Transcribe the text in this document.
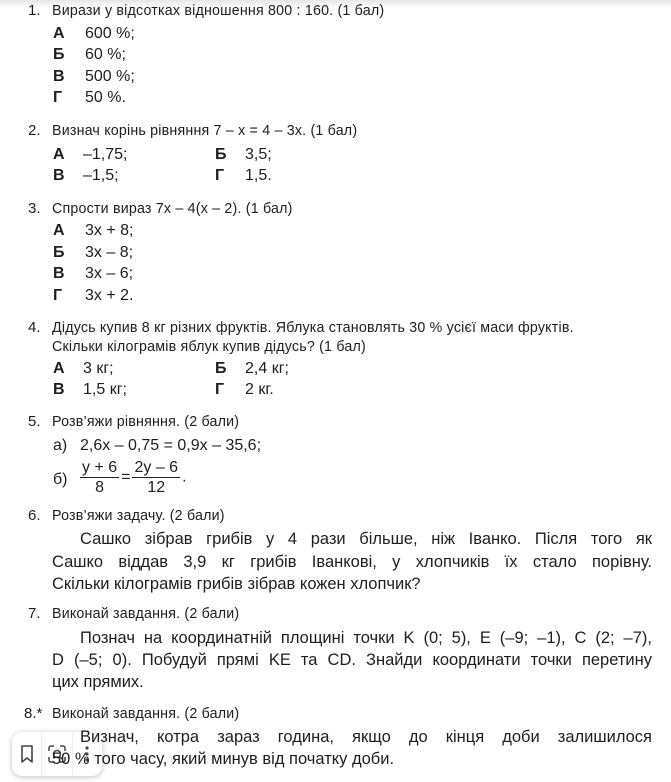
1. Вирази у відсотках відношення 800 : 160. (1 бал)
А 600 %;
Б 60 %;
В 500 %;
Г 50 %.
2. Визнач корінь рівняння 7 – х = 4 – 3х. (1 бал)
А –1,75;	Б 3,5;
В –1,5;	Г 1,5.
3. Спрости вираз 7х – 4(х – 2). (1 бал)
А 3x + 8;
Б 3x – 8;
В 3x – 6;
Г 3x + 2.
4. Дідусь купив 8 кг різних фруктів. Яблука становлять 30 % усієї маси фруктів.
Скільки кілограмів яблук купив дідусь? (1 бал)
А 3 кг;	Б 2,4 кг;
В 1,5 кг;	Г 2 кг.
5. Розв’яжи рівняння. (2 бали)
а) 2,6x – 0,75 = 0,9x – 35,6;
$б) \frac{y + 6}{8} = \frac{2y - 6}{12}$ .
6. Розв’яжи задачу. (2 бали)
Сашко зібрав грибів у 4 рази більше, ніж Іванко. Після того як
Сашко віддав 3,9 кг грибів Іванкові, у хлопчиків їх стало порівну.
Скільки кілограмів грибів зібрав кожен хлопчик?
7. Виконай завдання. (2 бали)
Познач на координатній площині точки K (0; 5), E (–9; –1), C (2; –7),
D (–5; 0). Побудуй прямі KE та CD. Знайди координати точки перетину
цих прямих.
8.* Виконай завдання. (2 бали)
Визнач, котра зараз година, якщо до кінця доби залишилося
50 % того часу, який минув від початку доби.
